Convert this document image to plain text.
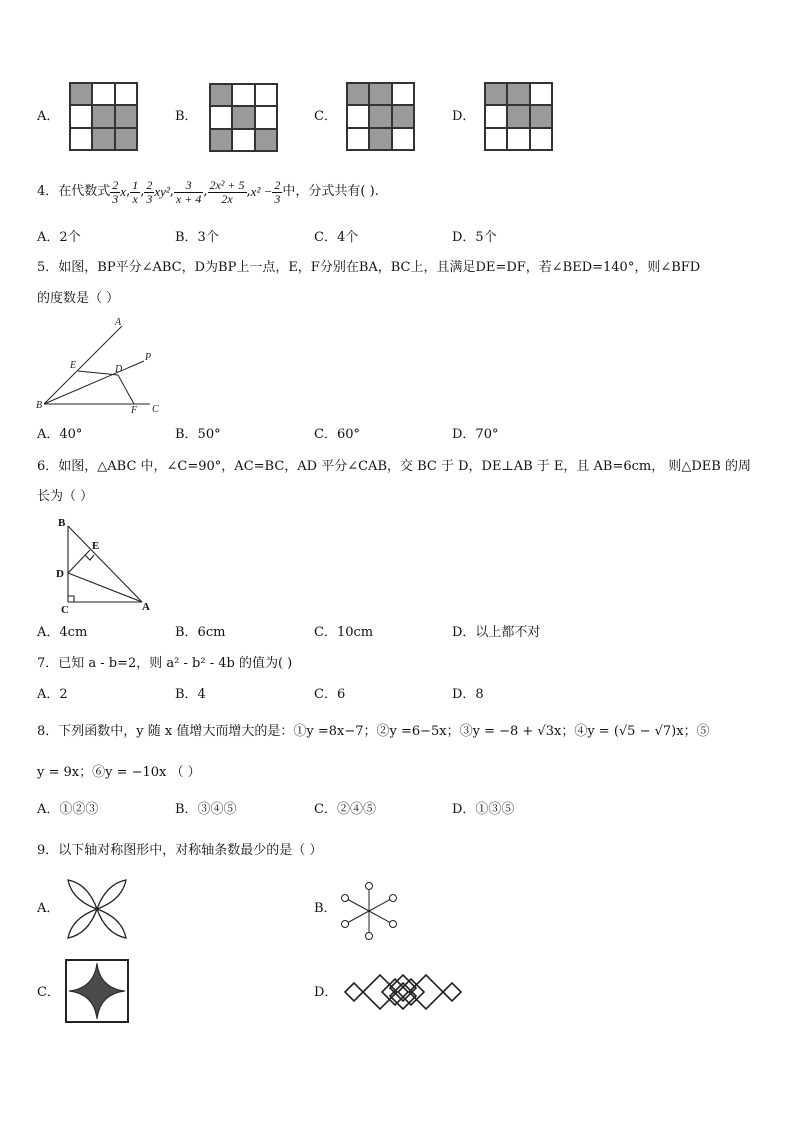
A．	B．	C．	D．
4．在代数式 $\frac{2}{3}$ x , $\frac{1}{x}$ , $\frac{2}{3} xy^2$ , $\frac{3}{x + 4}$ , $\frac{\text{2x² + 5}}{2x}$ , $x^2 - \frac{2}{3}$ 中，分式共有( ).
A．2个	B．3个	C．4个	D．5个
5．如图，BP平分∠ABC，D为BP上一点，E，F分别在BA，BC上，且满足DE=DF，若∠BED=140°，则∠BFD
的度数是（ ）
A
P
E	D
B	F C
A．40°	B．50°	C．60°	D．70°
6．如图，△ABC 中，∠C=90°，AC=BC，AD 平分∠CAB，交 BC 于 D，DE⊥AB 于 E，且 AB=6cm， 则△DEB 的周
长为（ ）
B
E
D
C	A
A．4cm	B．6cm	C．10cm	D．以上都不对
7．已知 a - b=2，则 a² - b² - 4b 的值为( )
A．2	B．4	C．6	D．8
8．下列函数中，y 随 x 值增大而增大的是：①y =8x−7；②y =6−5x；③y = −8 + √3x；④y = (√5 − √7)x；⑤
y = 9x；⑥y = −10x （ ）
A．①②③	B．③④⑤	C．②④⑤	D．①③⑤
9．以下轴对称图形中，对称轴条数最少的是（ ）
A．	B．
C．	D．
